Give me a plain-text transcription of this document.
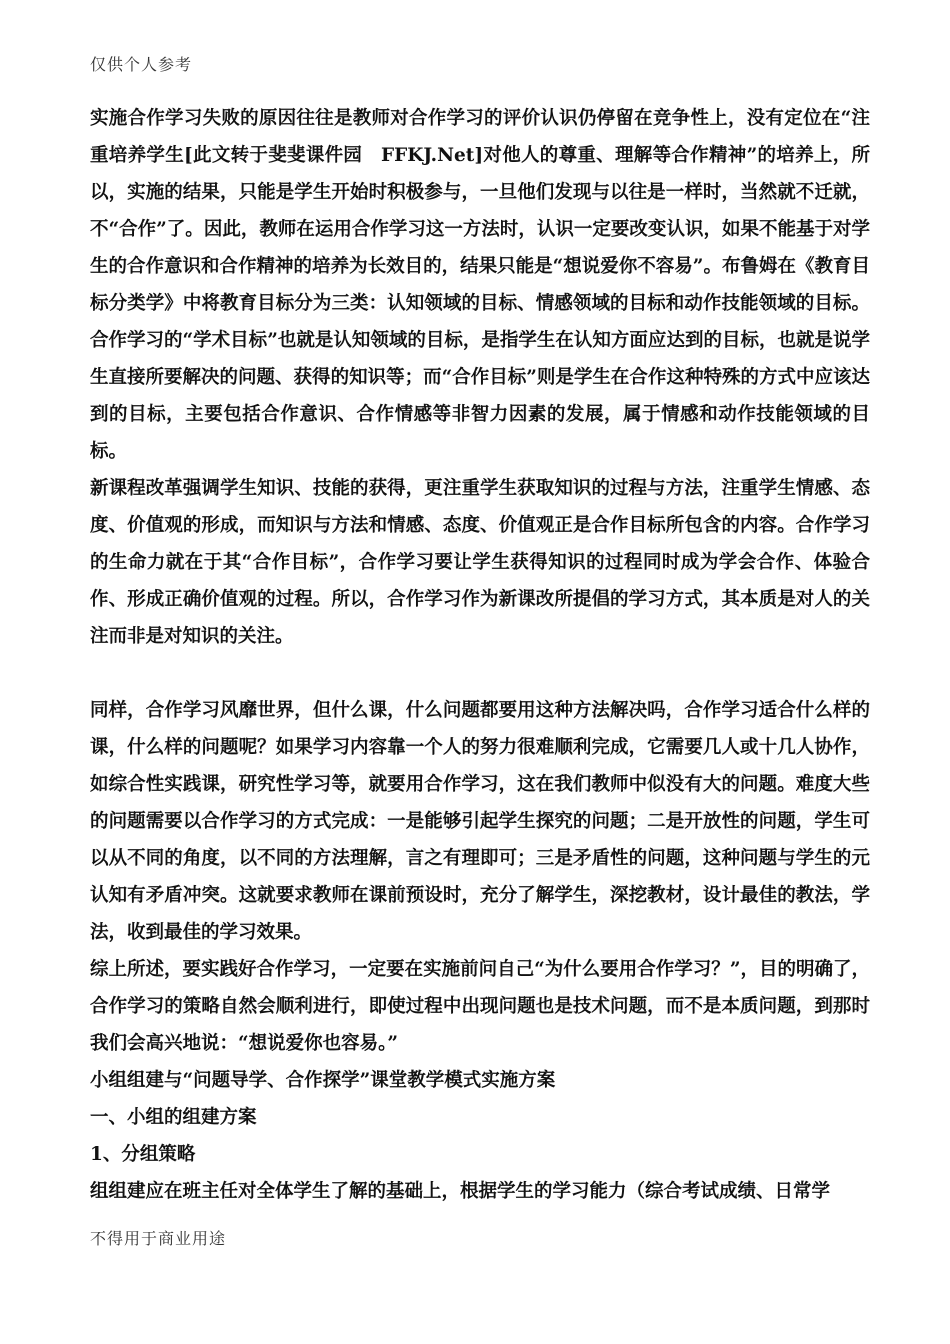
仅供个人参考

实施合作学习失败的原因往往是教师对合作学习的评价认识仍停留在竞争性上，没有定位在“注重培养学生[此文转于斐斐课件园　FFKJ.Net]对他人的尊重、理解等合作精神”的培养上，所以，实施的结果，只能是学生开始时积极参与，一旦他们发现与以往是一样时，当然就不迁就，不“合作”了。因此，教师在运用合作学习这一方法时，认识一定要改变认识，如果不能基于对学生的合作意识和合作精神的培养为长效目的，结果只能是“想说爱你不容易”。布鲁姆在《教育目标分类学》中将教育目标分为三类：认知领域的目标、情感领域的目标和动作技能领域的目标。合作学习的“学术目标”也就是认知领域的目标，是指学生在认知方面应达到的目标，也就是说学生直接所要解决的问题、获得的知识等；而“合作目标”则是学生在合作这种特殊的方式中应该达到的目标，主要包括合作意识、合作情感等非智力因素的发展，属于情感和动作技能领域的目标。

新课程改革强调学生知识、技能的获得，更注重学生获取知识的过程与方法，注重学生情感、态度、价值观的形成，而知识与方法和情感、态度、价值观正是合作目标所包含的内容。合作学习的生命力就在于其“合作目标”，合作学习要让学生获得知识的过程同时成为学会合作、体验合作、形成正确价值观的过程。所以，合作学习作为新课改所提倡的学习方式，其本质是对人的关注而非是对知识的关注。

同样，合作学习风靡世界，但什么课，什么问题都要用这种方法解决吗，合作学习适合什么样的课，什么样的问题呢？如果学习内容靠一个人的努力很难顺利完成，它需要几人或十几人协作，如综合性实践课，研究性学习等，就要用合作学习，这在我们教师中似没有大的问题。难度大些的问题需要以合作学习的方式完成：一是能够引起学生探究的问题；二是开放性的问题，学生可以从不同的角度，以不同的方法理解，言之有理即可；三是矛盾性的问题，这种问题与学生的元认知有矛盾冲突。这就要求教师在课前预设时，充分了解学生，深挖教材，设计最佳的教法，学法，收到最佳的学习效果。

综上所述，要实践好合作学习，一定要在实施前问自己“为什么要用合作学习？”，目的明确了，合作学习的策略自然会顺利进行，即使过程中出现问题也是技术问题，而不是本质问题，到那时我们会高兴地说：“想说爱你也容易。”

小组组建与“问题导学、合作探学”课堂教学模式实施方案

一、小组的组建方案

1、分组策略

组组建应在班主任对全体学生了解的基础上，根据学生的学习能力（综合考试成绩、日常学

不得用于商业用途
